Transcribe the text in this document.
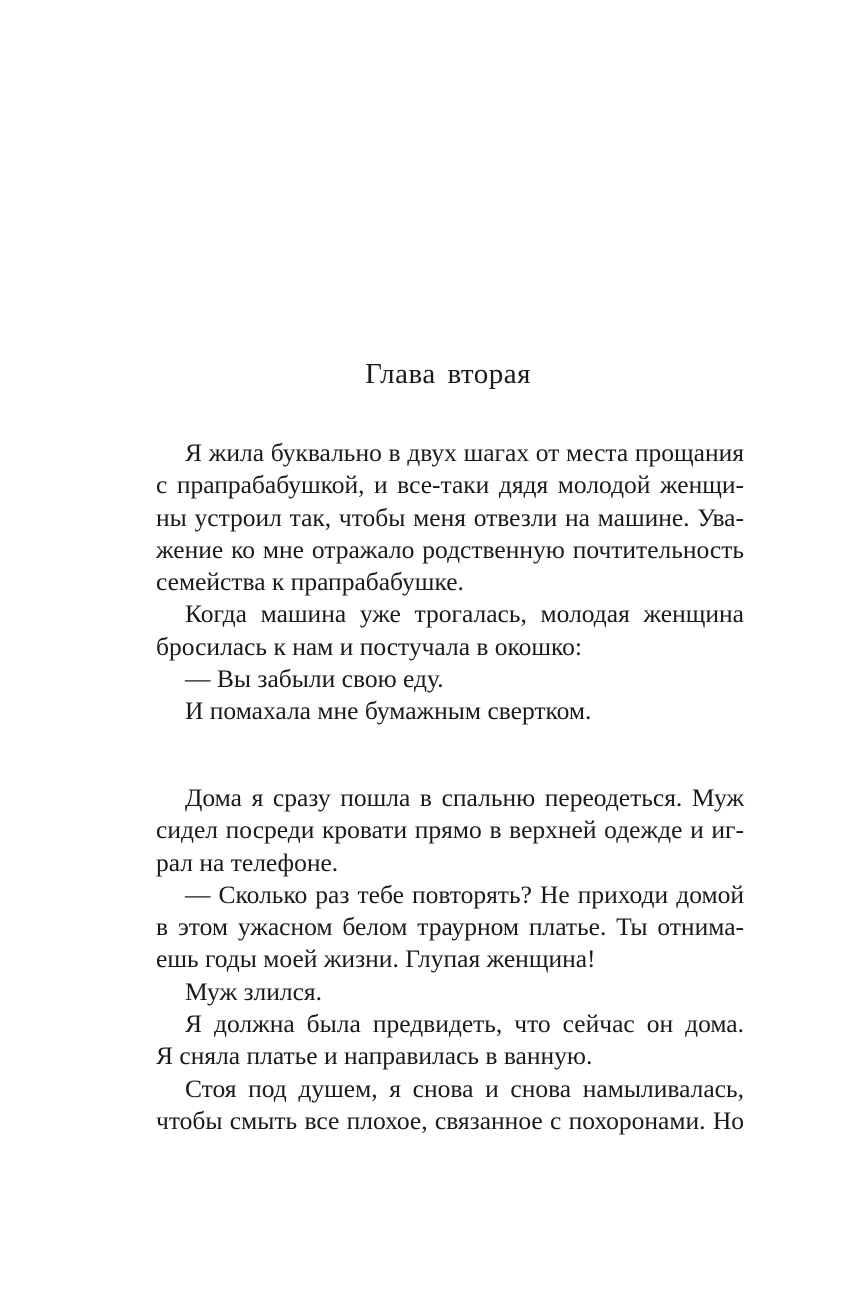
Глава вторая
Я жила буквально в двух шагах от места прощания
с прапрабабушкой, и все-таки дядя молодой женщи-
ны устроил так, чтобы меня отвезли на машине. Ува-
жение ко мне отражало родственную почтительность
семейства к прапрабабушке.
Когда машина уже трогалась, молодая женщина
бросилась к нам и постучала в окошко:
— Вы забыли свою еду.
И помахала мне бумажным свертком.
Дома я сразу пошла в спальню переодеться. Муж
сидел посреди кровати прямо в верхней одежде и иг-
рал на телефоне.
— Сколько раз тебе повторять? Не приходи домой
в этом ужасном белом траурном платье. Ты отнима-
ешь годы моей жизни. Глупая женщина!
Муж злился.
Я должна была предвидеть, что сейчас он дома.
Я сняла платье и направилась в ванную.
Стоя под душем, я снова и снова намыливалась,
чтобы смыть все плохое, связанное с похоронами. Но
